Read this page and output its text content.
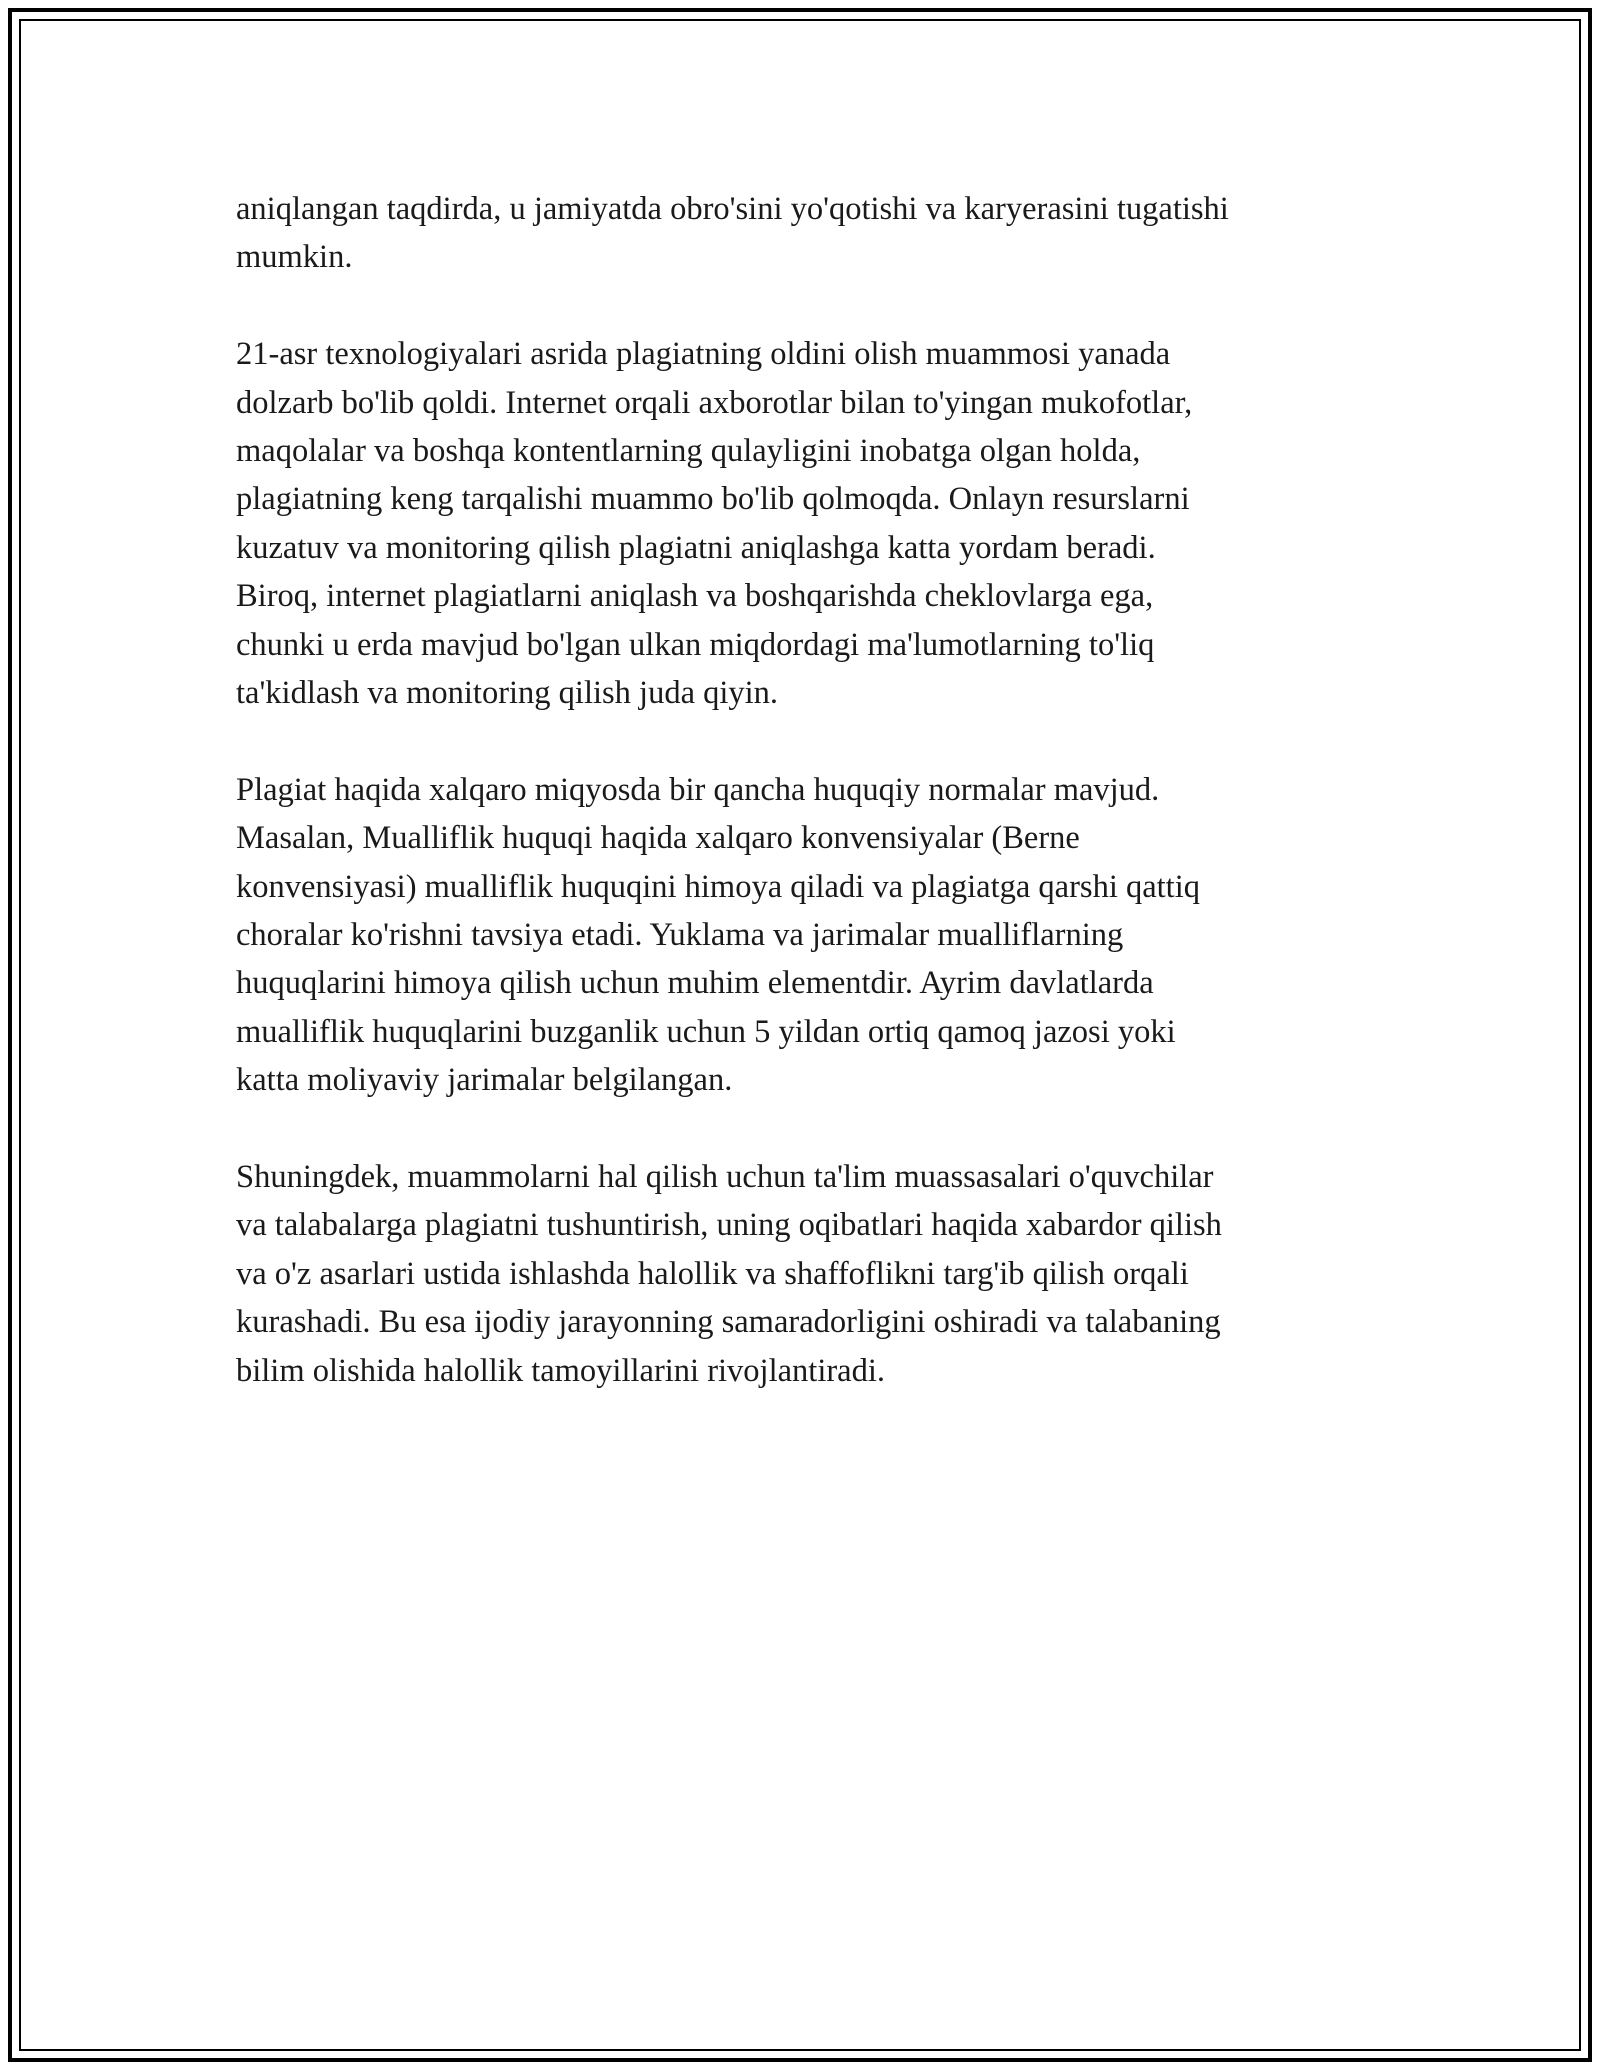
aniqlangan taqdirda, u jamiyatda obro'sini yo'qotishi va karyerasini tugatishi
mumkin.

21-asr texnologiyalari asrida plagiatning oldini olish muammosi yanada
dolzarb bo'lib qoldi. Internet orqali axborotlar bilan to'yingan mukofotlar,
maqolalar va boshqa kontentlarning qulayligini inobatga olgan holda,
plagiatning keng tarqalishi muammo bo'lib qolmoqda. Onlayn resurslarni
kuzatuv va monitoring qilish plagiatni aniqlashga katta yordam beradi.
Biroq, internet plagiatlarni aniqlash va boshqarishda cheklovlarga ega,
chunki u erda mavjud bo'lgan ulkan miqdordagi ma'lumotlarning to'liq
ta'kidlash va monitoring qilish juda qiyin.

Plagiat haqida xalqaro miqyosda bir qancha huquqiy normalar mavjud.
Masalan, Mualliflik huquqi haqida xalqaro konvensiyalar (Berne
konvensiyasi) mualliflik huquqini himoya qiladi va plagiatga qarshi qattiq
choralar ko'rishni tavsiya etadi. Yuklama va jarimalar mualliflarning
huquqlarini himoya qilish uchun muhim elementdir. Ayrim davlatlarda
mualliflik huquqlarini buzganlik uchun 5 yildan ortiq qamoq jazosi yoki
katta moliyaviy jarimalar belgilangan.

Shuningdek, muammolarni hal qilish uchun ta'lim muassasalari o'quvchilar
va talabalarga plagiatni tushuntirish, uning oqibatlari haqida xabardor qilish
va o'z asarlari ustida ishlashda halollik va shaffoflikni targ'ib qilish orqali
kurashadi. Bu esa ijodiy jarayonning samaradorligini oshiradi va talabaning
bilim olishida halollik tamoyillarini rivojlantiradi.
